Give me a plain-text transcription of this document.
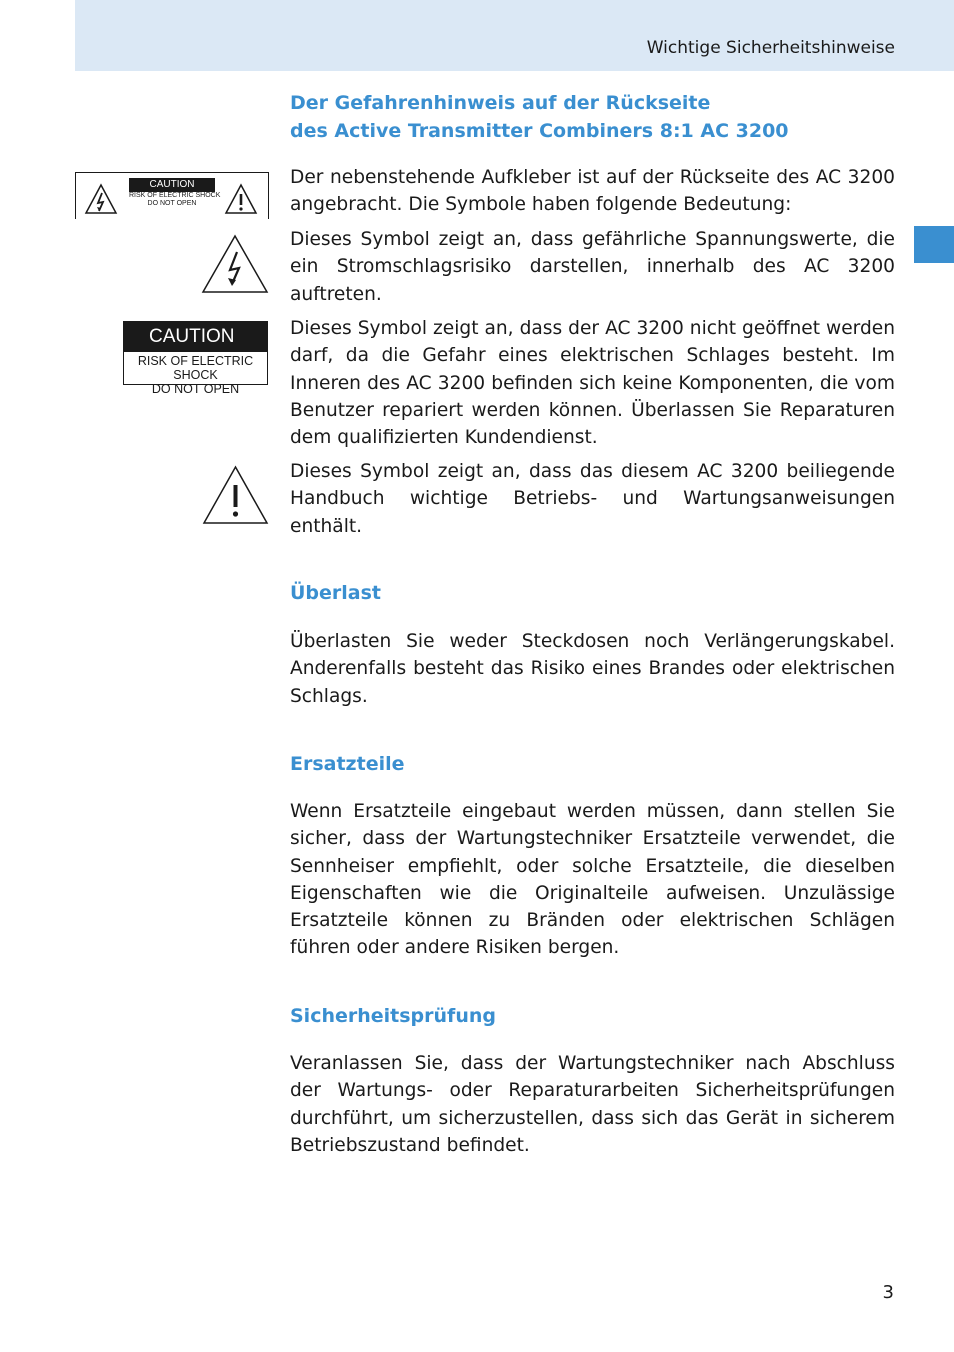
Wichtige Sicherheitshinweise
Der Gefahrenhinweis auf der Rückseite
des Active Transmitter Combiners 8:1 AC 3200
CAUTION
RISK OF ELECTRIC SHOCK
DO NOT OPEN
Der nebenstehende Aufkleber ist auf der Rückseite des AC 3200 angebracht. Die Symbole haben folgende Bedeutung:
Dieses Symbol zeigt an, dass gefährliche Spannungswerte, die ein Stromschlagsrisiko darstellen, innerhalb des AC 3200 auftreten.
CAUTION
RISK OF ELECTRIC SHOCK
DO NOT OPEN
Dieses Symbol zeigt an, dass der AC 3200 nicht geöffnet werden darf, da die Gefahr eines elektrischen Schlages besteht. Im Inneren des AC 3200 befinden sich keine Komponenten, die vom Benutzer repariert werden können. Überlassen Sie Reparaturen dem qualifizierten Kundendienst.
Dieses Symbol zeigt an, dass das diesem AC 3200 beiliegende Handbuch wichtige Betriebs- und Wartungsanweisungen enthält.
Überlast
Überlasten Sie weder Steckdosen noch Verlängerungskabel. Anderenfalls besteht das Risiko eines Brandes oder elektrischen Schlags.
Ersatzteile
Wenn Ersatzteile eingebaut werden müssen, dann stellen Sie sicher, dass der Wartungstechniker Ersatzteile verwendet, die Sennheiser empfiehlt, oder solche Ersatzteile, die dieselben Eigenschaften wie die Originalteile aufweisen. Unzulässige Ersatzteile können zu Bränden oder elektrischen Schlägen führen oder andere Risiken bergen.
Sicherheitsprüfung
Veranlassen Sie, dass der Wartungstechniker nach Abschluss der Wartungs- oder Reparaturarbeiten Sicherheitsprüfungen durchführt, um sicherzustellen, dass sich das Gerät in sicherem Betriebszustand befindet.
3
